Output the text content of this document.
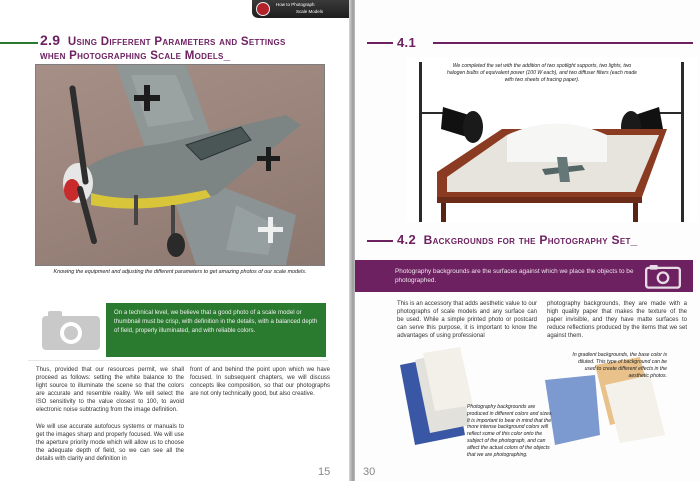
How to Photograph
Scale Models
2.9 Using Different Parameters and Settings
when Photographing Scale Models_
Knowing the equipment and adjusting the different parameters to get amazing photos of our scale models.
On a technical level, we believe that a good photo of a scale model or thumbnail must be crisp, with definition in the details, with a balanced depth of field, properly illuminated, and with reliable colors.
Thus, provided that our resources permit, we shall proceed as follows: setting the white balance to the light source to illuminate the scene so that the colors are accurate and resemble reality. We will select the ISO sensitivity to the value closest to 100, to avoid electronic noise subtracting from the image definition.

We will use accurate autofocus systems or manuals to get the images sharp and properly focused. We will use the aperture priority mode which will allow us to choose the adequate depth of field, so we can see all the details with clarity and definition in
front of and behind the point upon which we have focused. In subsequent chapters, we will discuss concepts like composition, so that our photographs are not only technically good, but also creative.
15
4.1
We completed the set with the addition of two spotlight supports, two lights, two halogen bulbs of equivalent power (100 W each), and two diffuser filters (each made with two sheets of tracing paper).
4.2 Backgrounds for the Photography Set_
Photography backgrounds are the surfaces against which we place the objects to be photographed.
This is an accessory that adds aesthetic value to our photographs of scale models and any surface can be used. While a simple printed photo or postcard can serve this purpose, it is important to know the advantages of using professional
photography backgrounds, they are made with a high quality paper that makes the texture of the paper invisible, and they have matte surfaces to reduce reflections produced by the items that we set against them.
In gradient backgrounds, the base color is diluted. This type of background can be used to create different effects in the aesthetic photos.
Photography backgrounds are produced in different colors and sizes. It is important to bear in mind that the more intense background colors will reflect some of this color onto the subject of the photograph, and can affect the actual colors of the objects that we are photographing.
30
